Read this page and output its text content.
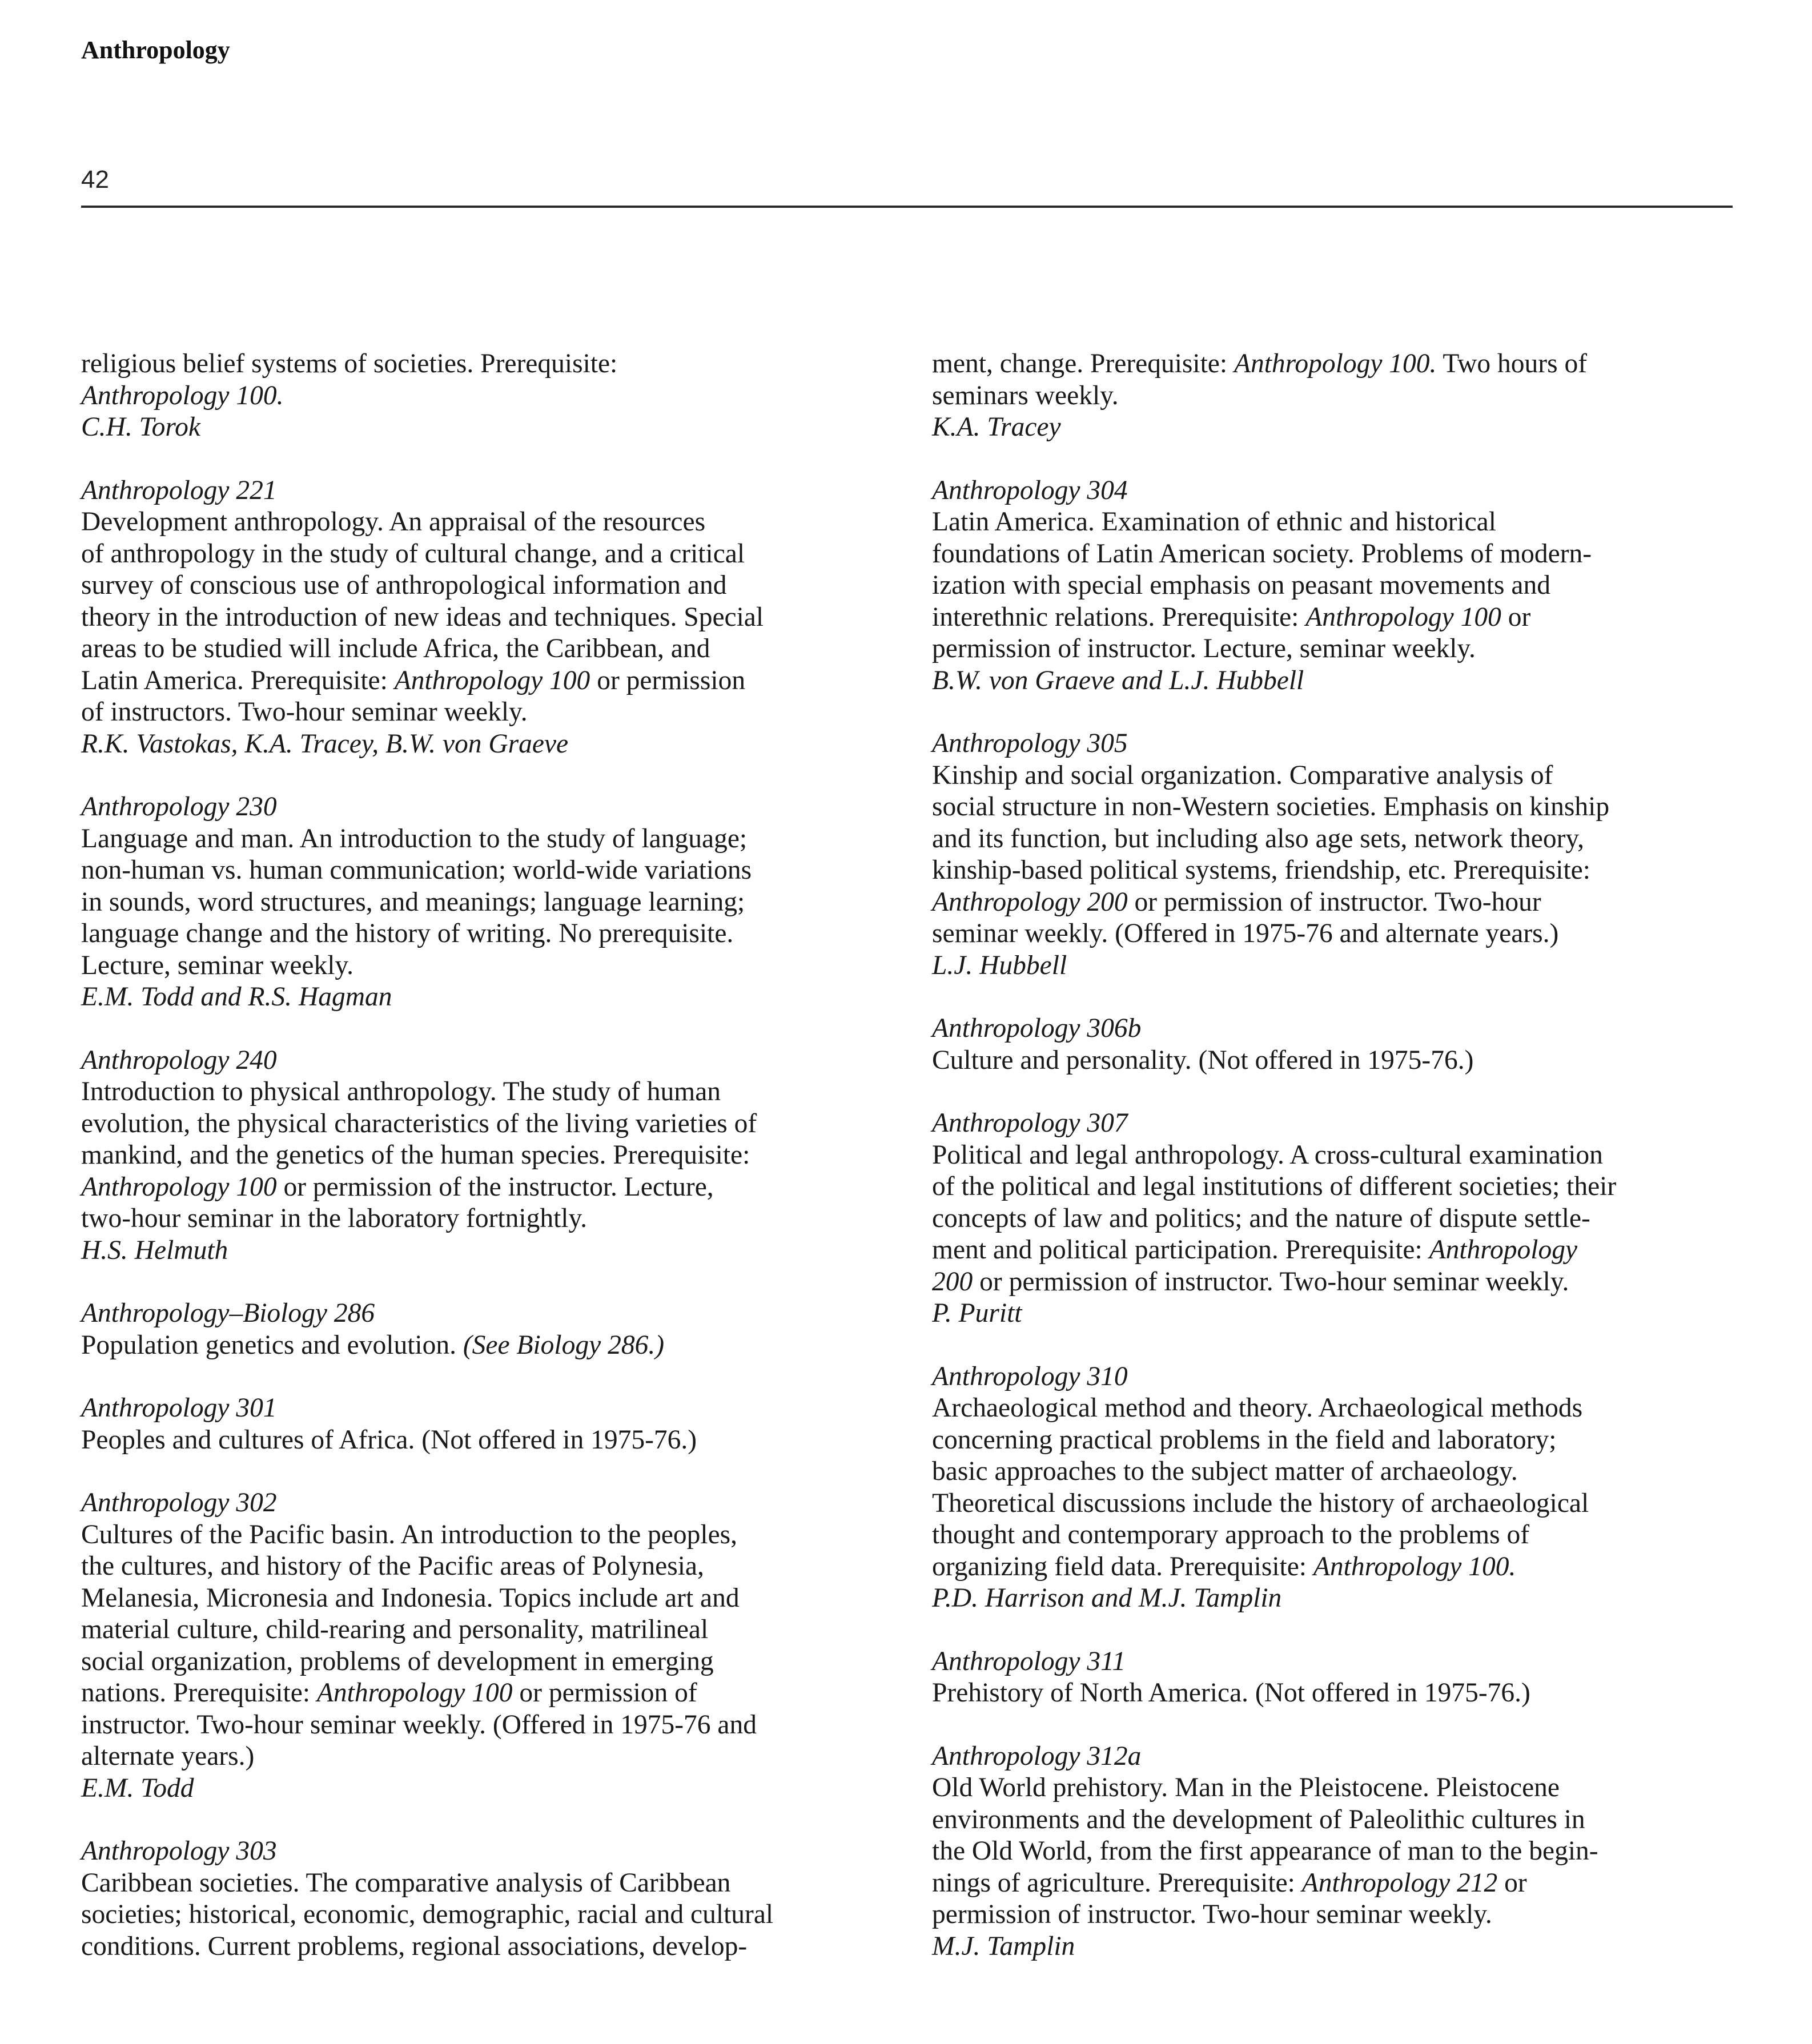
Anthropology
42
religious belief systems of societies. Prerequisite:
Anthropology 100.
C.H. Torok
Anthropology 221
Development anthropology. An appraisal of the resources
of anthropology in the study of cultural change, and a critical
survey of conscious use of anthropological information and
theory in the introduction of new ideas and techniques. Special
areas to be studied will include Africa, the Caribbean, and
Latin America. Prerequisite: Anthropology 100 or permission
of instructors. Two-hour seminar weekly.
R.K. Vastokas, K.A. Tracey, B.W. von Graeve
Anthropology 230
Language and man. An introduction to the study of language;
non-human vs. human communication; world-wide variations
in sounds, word structures, and meanings; language learning;
language change and the history of writing. No prerequisite.
Lecture, seminar weekly.
E.M. Todd and R.S. Hagman
Anthropology 240
Introduction to physical anthropology. The study of human
evolution, the physical characteristics of the living varieties of
mankind, and the genetics of the human species. Prerequisite:
Anthropology 100 or permission of the instructor. Lecture,
two-hour seminar in the laboratory fortnightly.
H.S. Helmuth
Anthropology–Biology 286
Population genetics and evolution. (See Biology 286.)
Anthropology 301
Peoples and cultures of Africa. (Not offered in 1975-76.)
Anthropology 302
Cultures of the Pacific basin. An introduction to the peoples,
the cultures, and history of the Pacific areas of Polynesia,
Melanesia, Micronesia and Indonesia. Topics include art and
material culture, child-rearing and personality, matrilineal
social organization, problems of development in emerging
nations. Prerequisite: Anthropology 100 or permission of
instructor. Two-hour seminar weekly. (Offered in 1975-76 and
alternate years.)
E.M. Todd
Anthropology 303
Caribbean societies. The comparative analysis of Caribbean
societies; historical, economic, demographic, racial and cultural
conditions. Current problems, regional associations, develop-
ment, change. Prerequisite: Anthropology 100. Two hours of
seminars weekly.
K.A. Tracey
Anthropology 304
Latin America. Examination of ethnic and historical
foundations of Latin American society. Problems of modern-
ization with special emphasis on peasant movements and
interethnic relations. Prerequisite: Anthropology 100 or
permission of instructor. Lecture, seminar weekly.
B.W. von Graeve and L.J. Hubbell
Anthropology 305
Kinship and social organization. Comparative analysis of
social structure in non-Western societies. Emphasis on kinship
and its function, but including also age sets, network theory,
kinship-based political systems, friendship, etc. Prerequisite:
Anthropology 200 or permission of instructor. Two-hour
seminar weekly. (Offered in 1975-76 and alternate years.)
L.J. Hubbell
Anthropology 306b
Culture and personality. (Not offered in 1975-76.)
Anthropology 307
Political and legal anthropology. A cross-cultural examination
of the political and legal institutions of different societies; their
concepts of law and politics; and the nature of dispute settle-
ment and political participation. Prerequisite: Anthropology
200 or permission of instructor. Two-hour seminar weekly.
P. Puritt
Anthropology 310
Archaeological method and theory. Archaeological methods
concerning practical problems in the field and laboratory;
basic approaches to the subject matter of archaeology.
Theoretical discussions include the history of archaeological
thought and contemporary approach to the problems of
organizing field data. Prerequisite: Anthropology 100.
P.D. Harrison and M.J. Tamplin
Anthropology 311
Prehistory of North America. (Not offered in 1975-76.)
Anthropology 312a
Old World prehistory. Man in the Pleistocene. Pleistocene
environments and the development of Paleolithic cultures in
the Old World, from the first appearance of man to the begin-
nings of agriculture. Prerequisite: Anthropology 212 or
permission of instructor. Two-hour seminar weekly.
M.J. Tamplin
